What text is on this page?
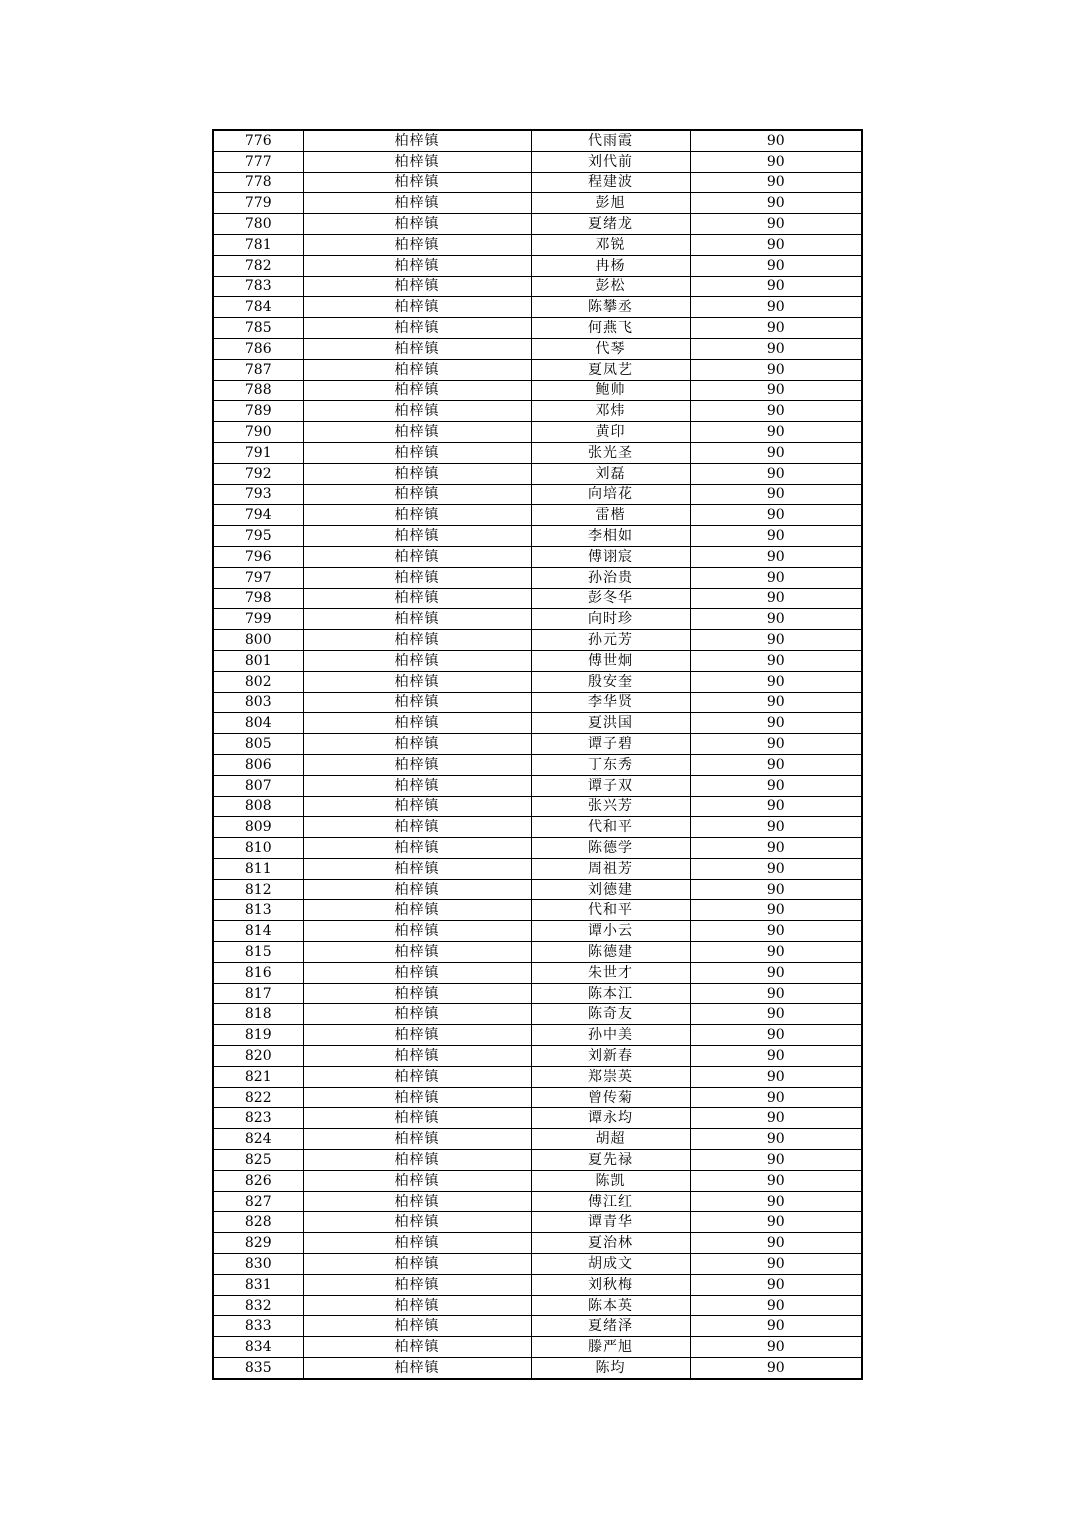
776	柏梓镇	代雨霞	90
777	柏梓镇	刘代前	90
778	柏梓镇	程建波	90
779	柏梓镇	彭旭	90
780	柏梓镇	夏绪龙	90
781	柏梓镇	邓锐	90
782	柏梓镇	冉杨	90
783	柏梓镇	彭松	90
784	柏梓镇	陈攀丞	90
785	柏梓镇	何燕飞	90
786	柏梓镇	代琴	90
787	柏梓镇	夏凤艺	90
788	柏梓镇	鲍帅	90
789	柏梓镇	邓炜	90
790	柏梓镇	黄印	90
791	柏梓镇	张光圣	90
792	柏梓镇	刘磊	90
793	柏梓镇	向培花	90
794	柏梓镇	雷楷	90
795	柏梓镇	李相如	90
796	柏梓镇	傅诩宸	90
797	柏梓镇	孙治贵	90
798	柏梓镇	彭冬华	90
799	柏梓镇	向时珍	90
800	柏梓镇	孙元芳	90
801	柏梓镇	傅世炯	90
802	柏梓镇	殷安奎	90
803	柏梓镇	李华贤	90
804	柏梓镇	夏洪国	90
805	柏梓镇	谭子碧	90
806	柏梓镇	丁东秀	90
807	柏梓镇	谭子双	90
808	柏梓镇	张兴芳	90
809	柏梓镇	代和平	90
810	柏梓镇	陈德学	90
811	柏梓镇	周祖芳	90
812	柏梓镇	刘德建	90
813	柏梓镇	代和平	90
814	柏梓镇	谭小云	90
815	柏梓镇	陈德建	90
816	柏梓镇	朱世才	90
817	柏梓镇	陈本江	90
818	柏梓镇	陈奇友	90
819	柏梓镇	孙中美	90
820	柏梓镇	刘新春	90
821	柏梓镇	郑崇英	90
822	柏梓镇	曾传菊	90
823	柏梓镇	谭永均	90
824	柏梓镇	胡超	90
825	柏梓镇	夏先禄	90
826	柏梓镇	陈凯	90
827	柏梓镇	傅江红	90
828	柏梓镇	谭青华	90
829	柏梓镇	夏治林	90
830	柏梓镇	胡成文	90
831	柏梓镇	刘秋梅	90
832	柏梓镇	陈本英	90
833	柏梓镇	夏绪泽	90
834	柏梓镇	滕严旭	90
835	柏梓镇	陈均	90
